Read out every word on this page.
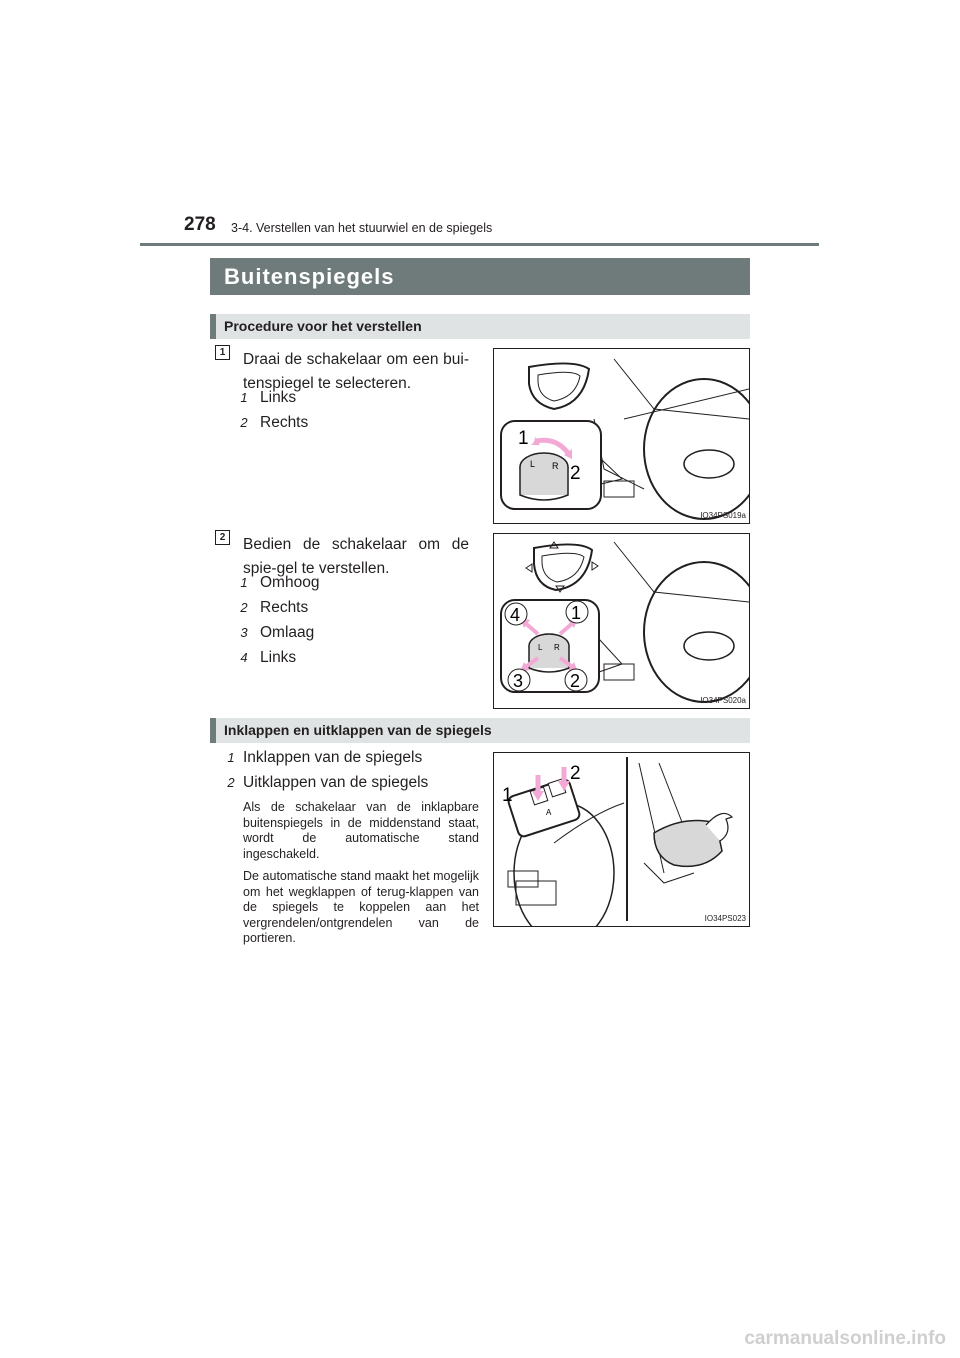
278 3-4. Verstellen van het stuurwiel en de spiegels
Buitenspiegels
Procedure voor het verstellen
1	Draai de schakelaar om een bui-tenspiegel te selecteren.
1 Links
2 Rechts
L R
1
2
IO34PS019a
2	Bedien de schakelaar om de spie-gel te verstellen.
1 Omhoog
2 Rechts
3 Omlaag
4 Links
L R
4	1
2
3
IO34PS020a
Inklappen en uitklappen van de spiegels
1 Inklappen van de spiegels
2 Uitklappen van de spiegels
Als de schakelaar van de inklapbare buitenspiegels in de middenstand staat, wordt de automatische stand ingeschakeld.
De automatische stand maakt het mogelijk om het wegklappen of terug-klappen van de spiegels te koppelen aan het vergrendelen/ontgrendelen van de portieren.
A
1
2
IO34PS023
carmanualsonline.info
